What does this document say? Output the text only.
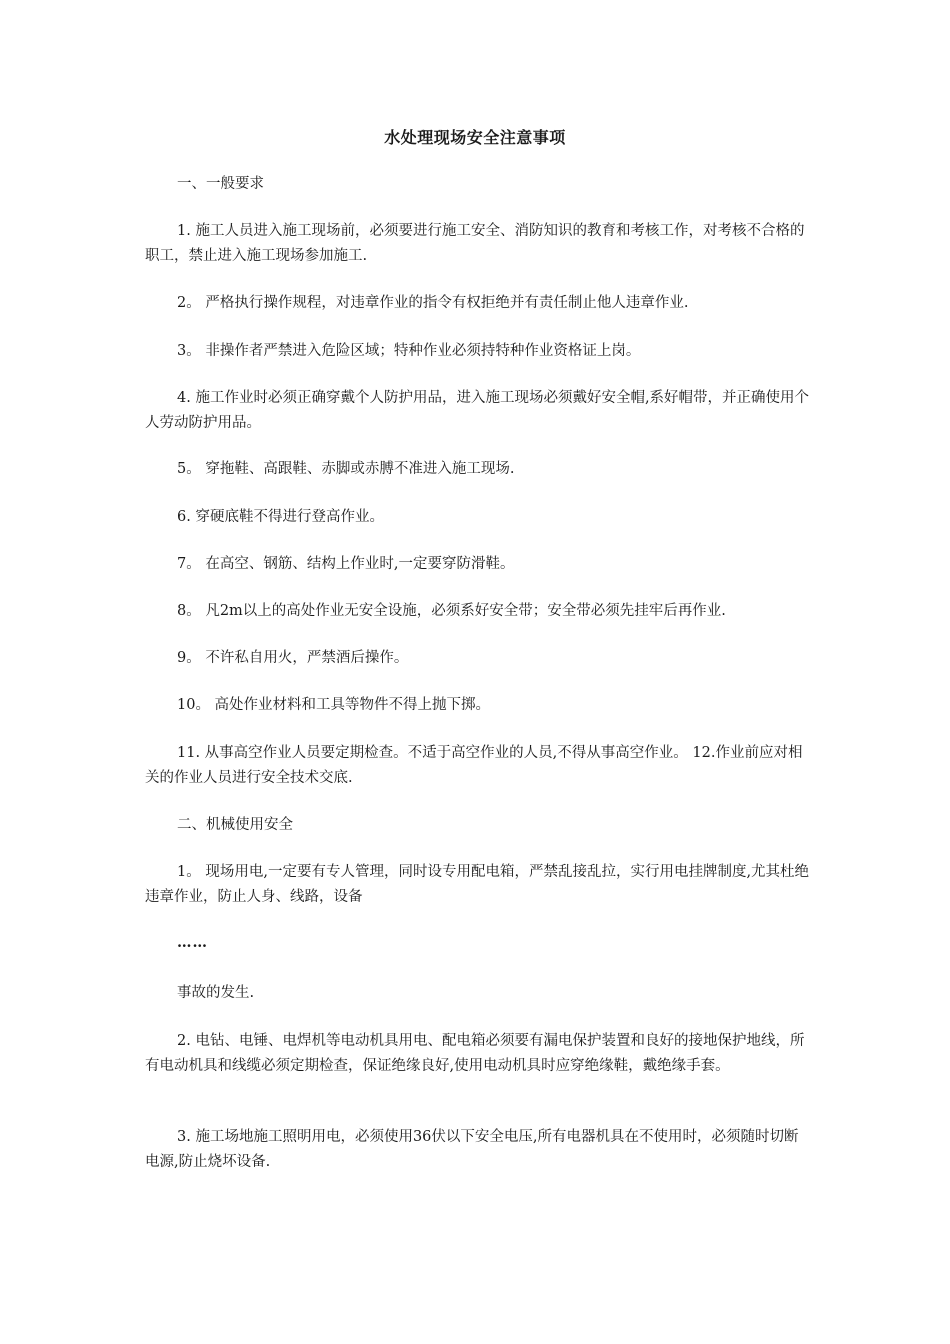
水处理现场安全注意事项

一、一般要求

1. 施工人员进入施工现场前，必须要进行施工安全、消防知识的教育和考核工作，对考核不合格的职工，禁止进入施工现场参加施工.

2。 严格执行操作规程，对违章作业的指令有权拒绝并有责任制止他人违章作业.

3。 非操作者严禁进入危险区域；特种作业必须持特种作业资格证上岗。

4. 施工作业时必须正确穿戴个人防护用品，进入施工现场必须戴好安全帽,系好帽带，并正确使用个人劳动防护用品。

5。 穿拖鞋、高跟鞋、赤脚或赤膊不准进入施工现场.

6. 穿硬底鞋不得进行登高作业。

7。 在高空、钢筋、结构上作业时,一定要穿防滑鞋。

8。 凡2m以上的高处作业无安全设施，必须系好安全带；安全带必须先挂牢后再作业.

9。 不许私自用火，严禁酒后操作。

10。 高处作业材料和工具等物件不得上抛下掷。

11. 从事高空作业人员要定期检查。不适于高空作业的人员,不得从事高空作业。 12.作业前应对相关的作业人员进行安全技术交底.

二、机械使用安全

1。 现场用电,一定要有专人管理，同时设专用配电箱，严禁乱接乱拉，实行用电挂牌制度,尤其杜绝违章作业，防止人身、线路，设备

……

事故的发生.

2. 电钻、电锤、电焊机等电动机具用电、配电箱必须要有漏电保护装置和良好的接地保护地线，所有电动机具和线缆必须定期检查，保证绝缘良好,使用电动机具时应穿绝缘鞋，戴绝缘手套。

3. 施工场地施工照明用电，必须使用36伏以下安全电压,所有电器机具在不使用时，必须随时切断电源,防止烧坏设备.
